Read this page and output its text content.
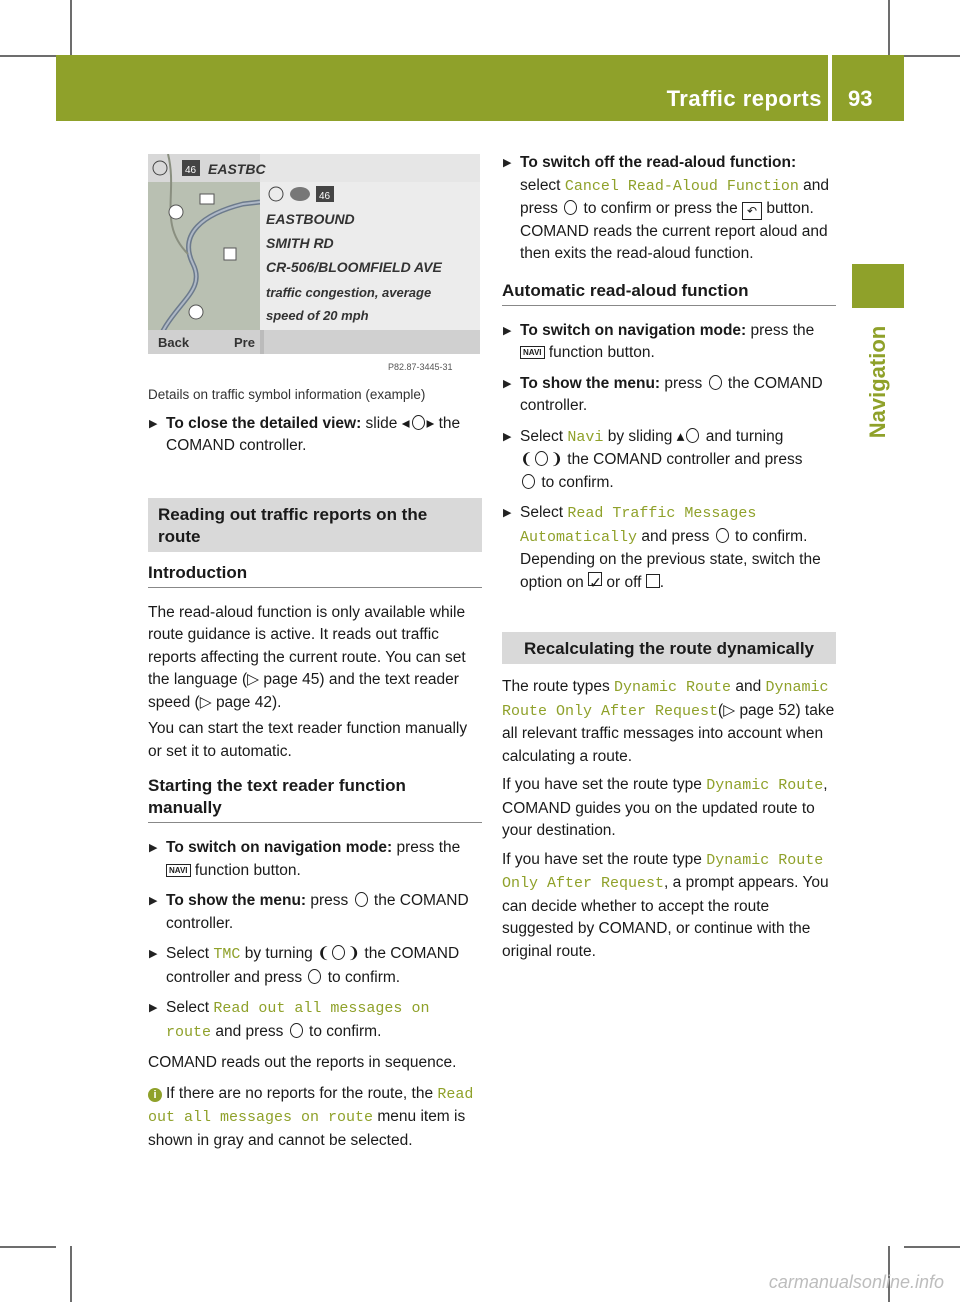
Traffic reports 93
Navigation
46 EASTBC
46
EASTBOUND
SMITH RD
CR-506/BLOOMFIELD AVE
traffic congestion, average
speed of 20 mph
Back	Pre
P82.87-3445-31
Details on traffic symbol information (example)
▶ To close the detailed view: slide ◂ ▸ the COMAND controller.
Reading out traffic reports on the route
Introduction
The read-aloud function is only available while route guidance is active. It reads out traffic reports affecting the current route. You can set the language (▷ page 45) and the text reader speed (▷ page 42).
You can start the text reader function manually or set it to automatic.
Starting the text reader function manually
▶ To switch on navigation mode: press the
NAVI function button.
▶ To show the menu: press the COMAND controller.
▶ Select TMC by turning ❨ ❩ the COMAND controller and press to confirm.
▶ Select Read out all messages on route and press to confirm.
COMAND reads out the reports in sequence.
i If there are no reports for the route, the Read out all messages on route menu item is shown in gray and cannot be selected.
▶ To switch off the read-aloud function:
select Cancel Read-Aloud Function and press to confirm or press the ↶ button.
COMAND reads the current report aloud and then exits the read-aloud function.
Automatic read-aloud function
▶ To switch on navigation mode: press the
NAVI function button.
▶ To show the menu: press the COMAND controller.
▶ Select Navi by sliding ▴ and turning
❨ ❩ the COMAND controller and press
to confirm.
▶ Select Read Traffic Messages Automatically and press to confirm.
Depending on the previous state, switch the option on ✓ or off .
Recalculating the route dynamically
The route types Dynamic Route and Dynamic Route Only After Request(▷ page 52) take all relevant traffic messages into account when calculating a route.
If you have set the route type Dynamic Route, COMAND guides you on the updated route to your destination.
If you have set the route type Dynamic Route Only After Request, a prompt appears. You can decide whether to accept the route suggested by COMAND, or continue with the original route.
carmanualsonline.info
